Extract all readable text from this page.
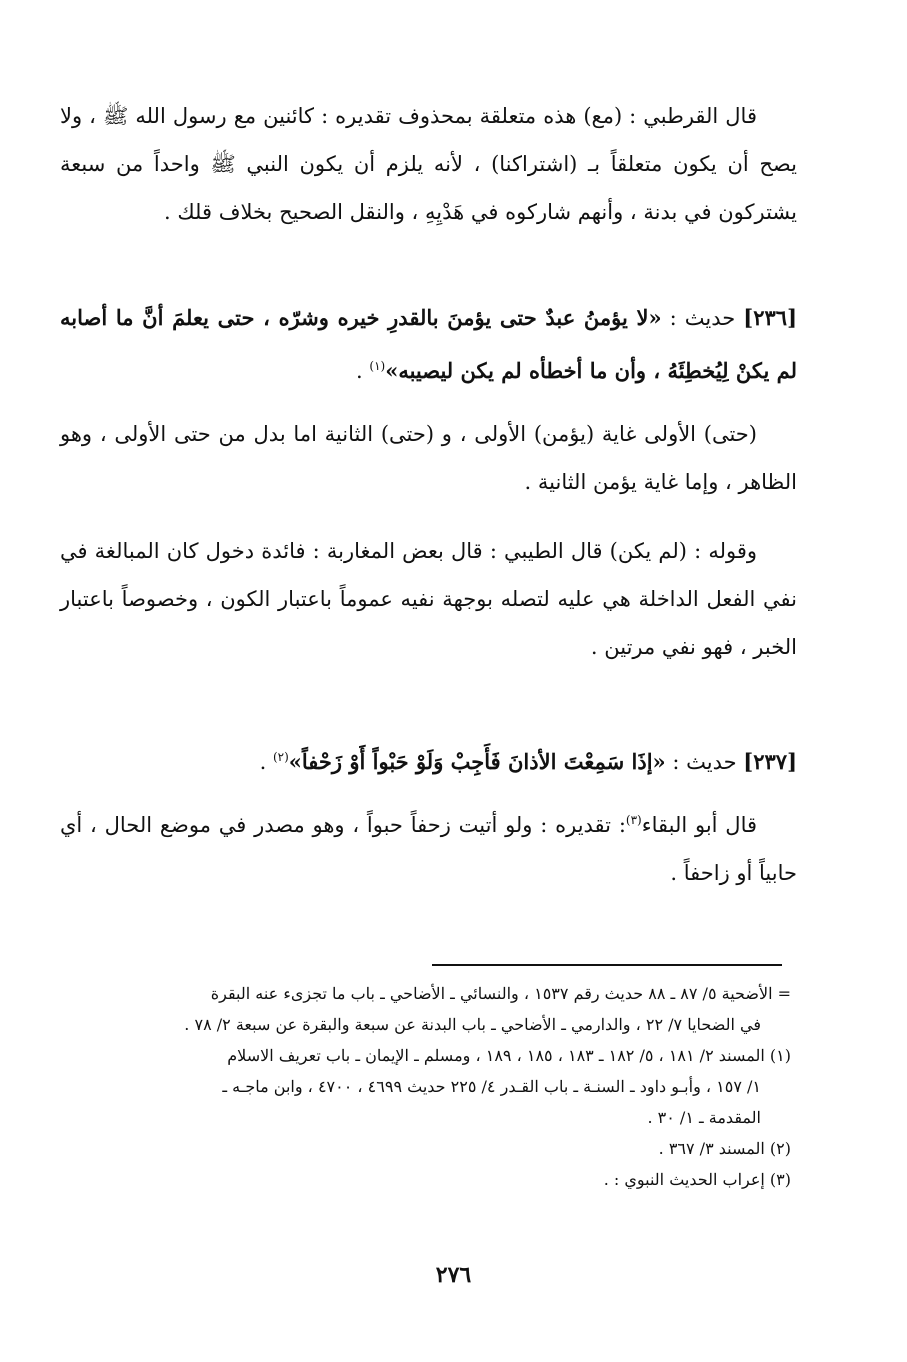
قال القرطبي : (مع) هذه متعلقة بمحذوف تقديره : كائنين مع رسول الله ﷺ ، ولا يصح أن يكون متعلقاً بـ (اشتراكنا) ، لأنه يلزم أن يكون النبي ﷺ واحداً من سبعة يشتركون في بدنة ، وأنهم شاركوه في هَدْيِهِ ، والنقل الصحيح بخلاف قلك .

[٢٣٦] حديث : «لا يؤمنُ عبدٌ حتى يؤمنَ بالقدرِ خيره وشرّه ، حتى يعلمَ أنَّ ما أصابه لم يكنْ لِيُخطِئَهُ ، وأن ما أخطأه لم يكن ليصيبه»$^{(١)}$ .

(حتى) الأولى غاية (يؤمن) الأولى ، و (حتى) الثانية اما بدل من حتى الأولى ، وهو الظاهر ، وإما غاية يؤمن الثانية .

وقوله : (لم يكن) قال الطيبي : قال بعض المغاربة : فائدة دخول كان المبالغة في نفي الفعل الداخلة هي عليه لتصله بوجهة نفيه عموماً باعتبار الكون ، وخصوصاً باعتبار الخبر ، فهو نفي مرتين .

[٢٣٧] حديث : «إذَا سَمِعْتَ الأذانَ فَأَجِبْ وَلَوْ حَبْواً أَوْ زَحْفاً»$^{(٢)}$ .

قال أبو البقاء$^{(٣)}$: تقديره : ولو أتيت زحفاً حبواً ، وهو مصدر في موضع الحال ، أي حابياً أو زاحفاً .

= الأضحية ٥/ ٨٧ ـ ٨٨ حديث رقم ١٥٣٧ ، والنسائي ـ الأضاحي ـ باب ما تجزىء عنه البقرة
في الضحايا ٧/ ٢٢ ، والدارمي ـ الأضاحي ـ باب البدنة عن سبعة والبقرة عن سبعة ٢/ ٧٨ .
(١) المسند ٢/ ١٨١ ، ٥/ ١٨٢ ـ ١٨٣ ، ١٨٥ ، ١٨٩ ، ومسلم ـ الإيمان ـ باب تعريف الاسلام
١/ ١٥٧ ، وأبـو داود ـ السنـة ـ باب القـدر ٤/ ٢٢٥ حديث ٤٦٩٩ ، ٤٧٠٠ ، وابن ماجـه ـ
المقدمة ـ ١/ ٣٠ .
(٢) المسند ٣/ ٣٦٧ .
(٣) إعراب الحديث النبوي : .
٢٧٦
